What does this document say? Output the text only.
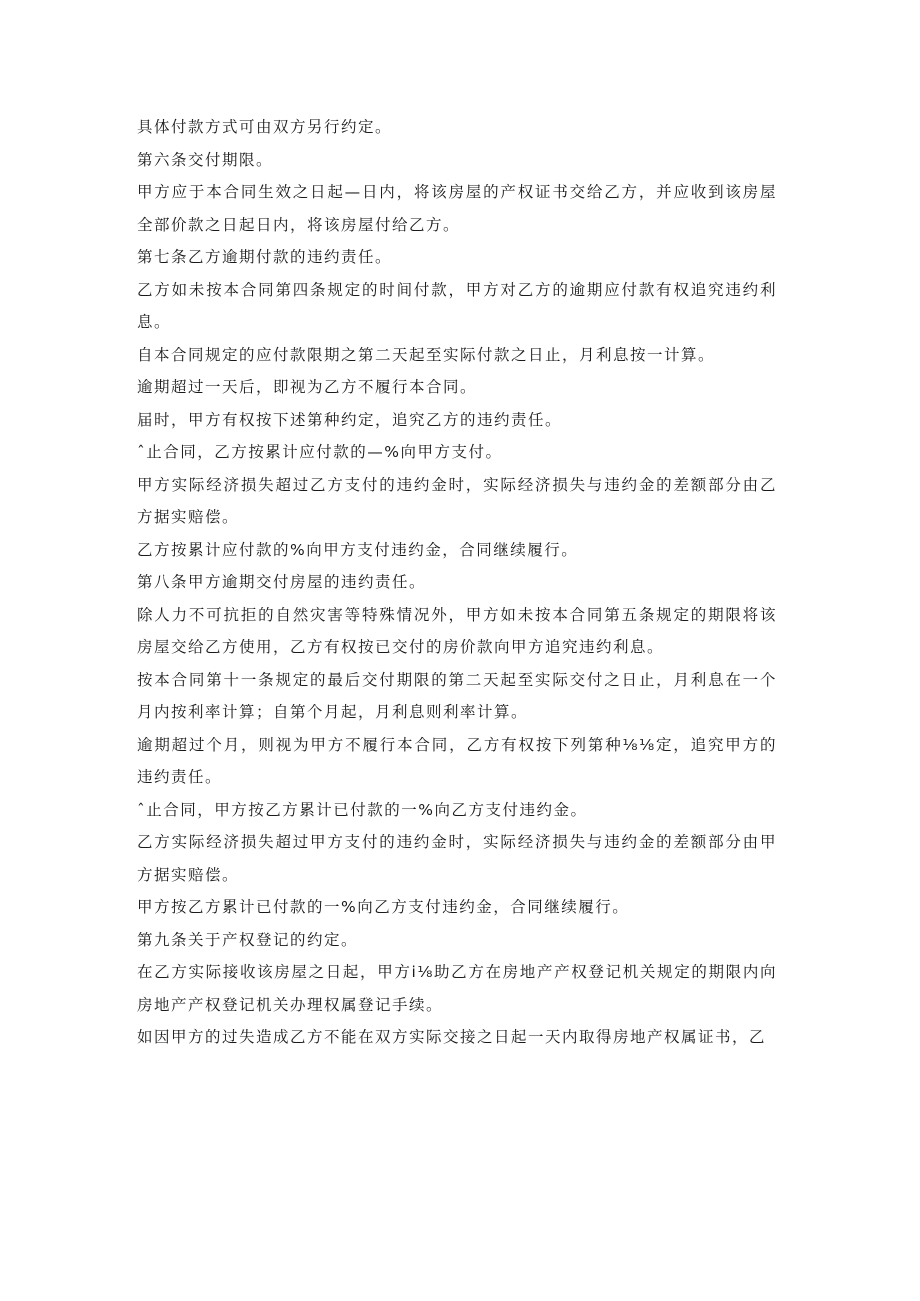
具体付款方式可由双方另行约定。

第六条交付期限。

甲方应于本合同生效之日起—日内，将该房屋的产权证书交给乙方，并应收到该房屋全部价款之日起日内，将该房屋付给乙方。

第七条乙方逾期付款的违约责任。

乙方如未按本合同第四条规定的时间付款，甲方对乙方的逾期应付款有权追究违约利息。

自本合同规定的应付款限期之第二天起至实际付款之日止，月利息按一计算。

逾期超过一天后，即视为乙方不履行本合同。

届时，甲方有权按下述第种约定，追究乙方的违约责任。

ˆ止合同，乙方按累计应付款的—%向甲方支付。

甲方实际经济损失超过乙方支付的违约金时，实际经济损失与违约金的差额部分由乙方据实赔偿。

乙方按累计应付款的%向甲方支付违约金，合同继续履行。

第八条甲方逾期交付房屋的违约责任。

除人力不可抗拒的自然灾害等特殊情况外，甲方如未按本合同第五条规定的期限将该房屋交给乙方使用，乙方有权按已交付的房价款向甲方追究违约利息。

按本合同第十一条规定的最后交付期限的第二天起至实际交付之日止，月利息在一个月内按利率计算；自第个月起，月利息则利率计算。

逾期超过个月，则视为甲方不履行本合同，乙方有权按下列第种⅛⅛定，追究甲方的违约责任。

ˆ止合同，甲方按乙方累计已付款的一%向乙方支付违约金。

乙方实际经济损失超过甲方支付的违约金时，实际经济损失与违约金的差额部分由甲方据实赔偿。

甲方按乙方累计已付款的一%向乙方支付违约金，合同继续履行。

第九条关于产权登记的约定。

在乙方实际接收该房屋之日起，甲方i⅛助乙方在房地产产权登记机关规定的期限内向房地产产权登记机关办理权属登记手续。

如因甲方的过失造成乙方不能在双方实际交接之日起一天内取得房地产权属证书，乙
